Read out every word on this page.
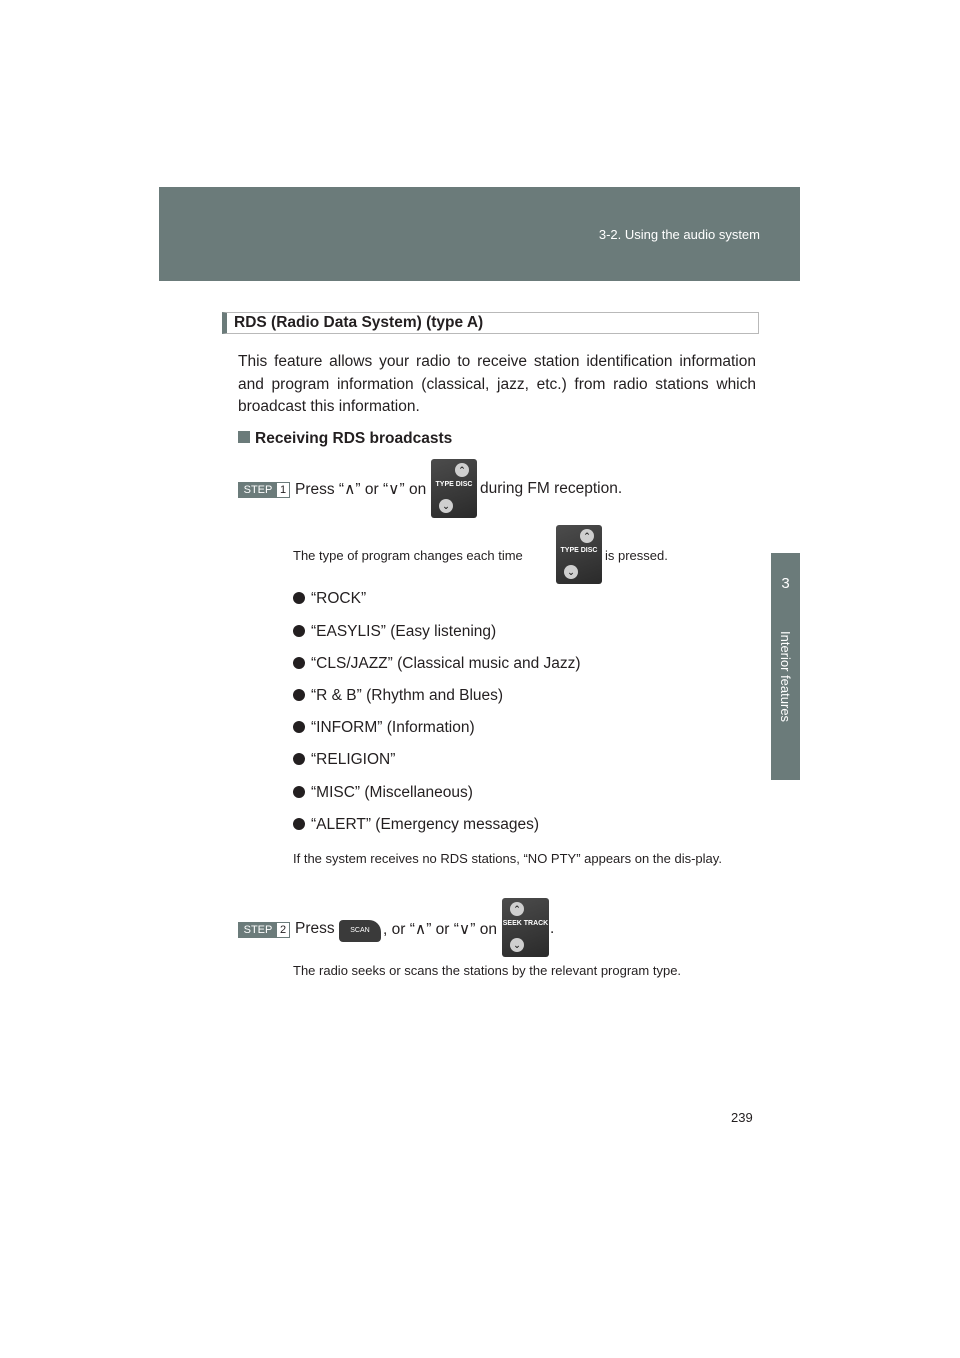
3-2. Using the audio system
3
Interior features
RDS (Radio Data System) (type A)

This feature allows your radio to receive station identification information and program information (classical, jazz, etc.) from radio stations which broadcast this information.

Receiving RDS broadcasts
STEP 1 Press “∧” or “∨” on
⌃
TYPE DISC
⌄
during FM reception.
The type of program changes each time
⌃
TYPE DISC
⌄
is pressed.
“ROCK”
“EASYLIS” (Easy listening)
“CLS/JAZZ” (Classical music and Jazz)
“R & B” (Rhythm and Blues)
“INFORM” (Information)
“RELIGION”
“MISC” (Miscellaneous)
“ALERT” (Emergency messages)

If the system receives no RDS stations, “NO PTY” appears on the dis-play.

STEP 2 Press	SCAN , or “∧” or “∨” on
⌃
SEEK TRACK
⌄
.
The radio seeks or scans the stations by the relevant program type.
239
